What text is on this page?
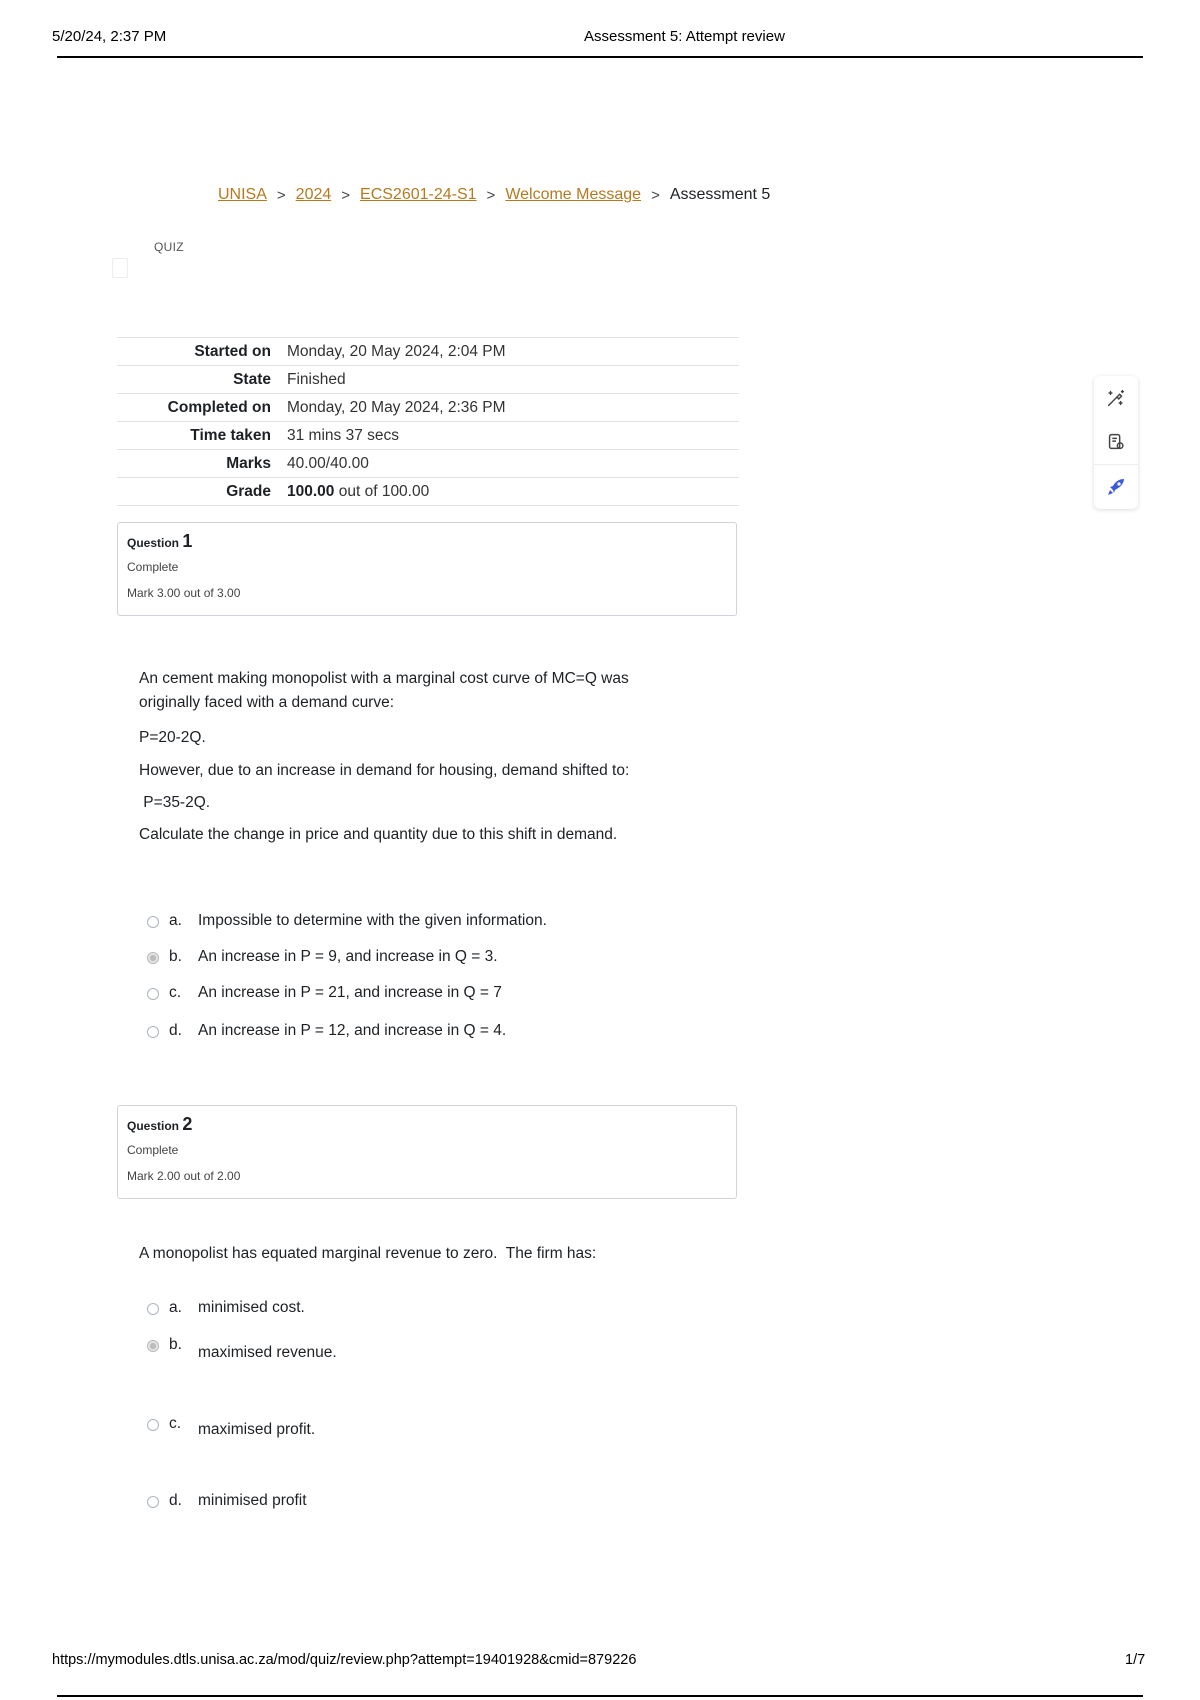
5/20/24, 2:37 PM	Assessment 5: Attempt review
UNISA > 2024 > ECS2601-24-S1 > Welcome Message > Assessment 5
QUIZ
Started on	Monday, 20 May 2024, 2:04 PM
State	Finished
Completed on	Monday, 20 May 2024, 2:36 PM
Time taken	31 mins 37 secs
Marks	40.00/40.00
Grade	100.00 out of 100.00
Question 1
Complete
Mark 3.00 out of 3.00
An cement making monopolist with a marginal cost curve of MC=Q was
originally faced with a demand curve:
P=20-2Q.
However, due to an increase in demand for housing, demand shifted to:
P=35-2Q.
Calculate the change in price and quantity due to this shift in demand.
a.	Impossible to determine with the given information.
b.	An increase in P = 9, and increase in Q = 3.
c.	An increase in P = 21, and increase in Q = 7
d.	An increase in P = 12, and increase in Q = 4.
Question 2
Complete
Mark 2.00 out of 2.00
A monopolist has equated marginal revenue to zero.  The firm has:
a.	minimised cost.
b.	maximised revenue.
c.	maximised profit.
d.	minimised profit
https://mymodules.dtls.unisa.ac.za/mod/quiz/review.php?attempt=19401928&cmid=879226	1/7
